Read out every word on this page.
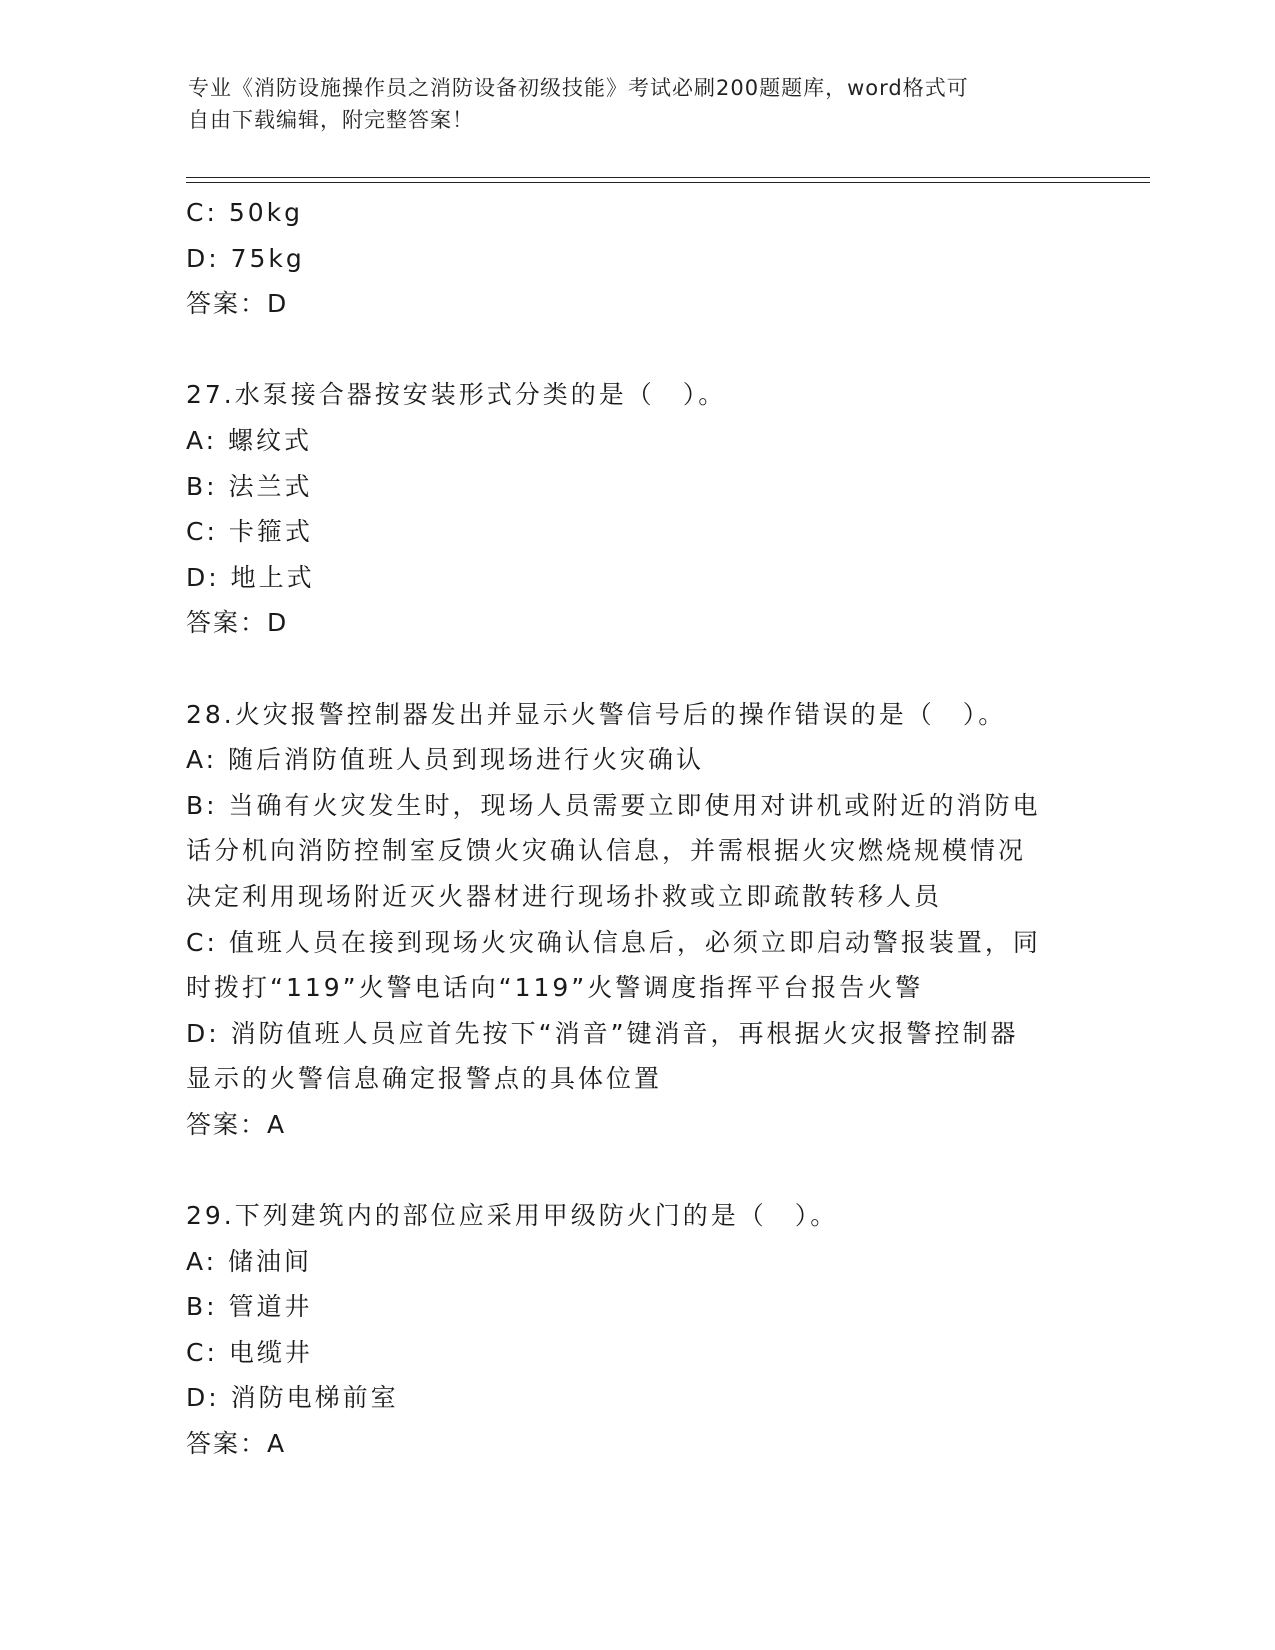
专业《消防设施操作员之消防设备初级技能》考试必刷200题题库，word格式可
自由下载编辑，附完整答案！
C: 50kg
D: 75kg
答案：D
27.水泵接合器按安装形式分类的是（　）。
A: 螺纹式
B: 法兰式
C: 卡箍式
D: 地上式
答案：D
28.火灾报警控制器发出并显示火警信号后的操作错误的是（　）。
A: 随后消防值班人员到现场进行火灾确认
B: 当确有火灾发生时，现场人员需要立即使用对讲机或附近的消防电
话分机向消防控制室反馈火灾确认信息，并需根据火灾燃烧规模情况
决定利用现场附近灭火器材进行现场扑救或立即疏散转移人员
C: 值班人员在接到现场火灾确认信息后，必须立即启动警报装置，同
时拨打“119”火警电话向“119”火警调度指挥平台报告火警
D: 消防值班人员应首先按下“消音”键消音，再根据火灾报警控制器
显示的火警信息确定报警点的具体位置
答案：A
29.下列建筑内的部位应采用甲级防火门的是（　）。
A: 储油间
B: 管道井
C: 电缆井
D: 消防电梯前室
答案：A
